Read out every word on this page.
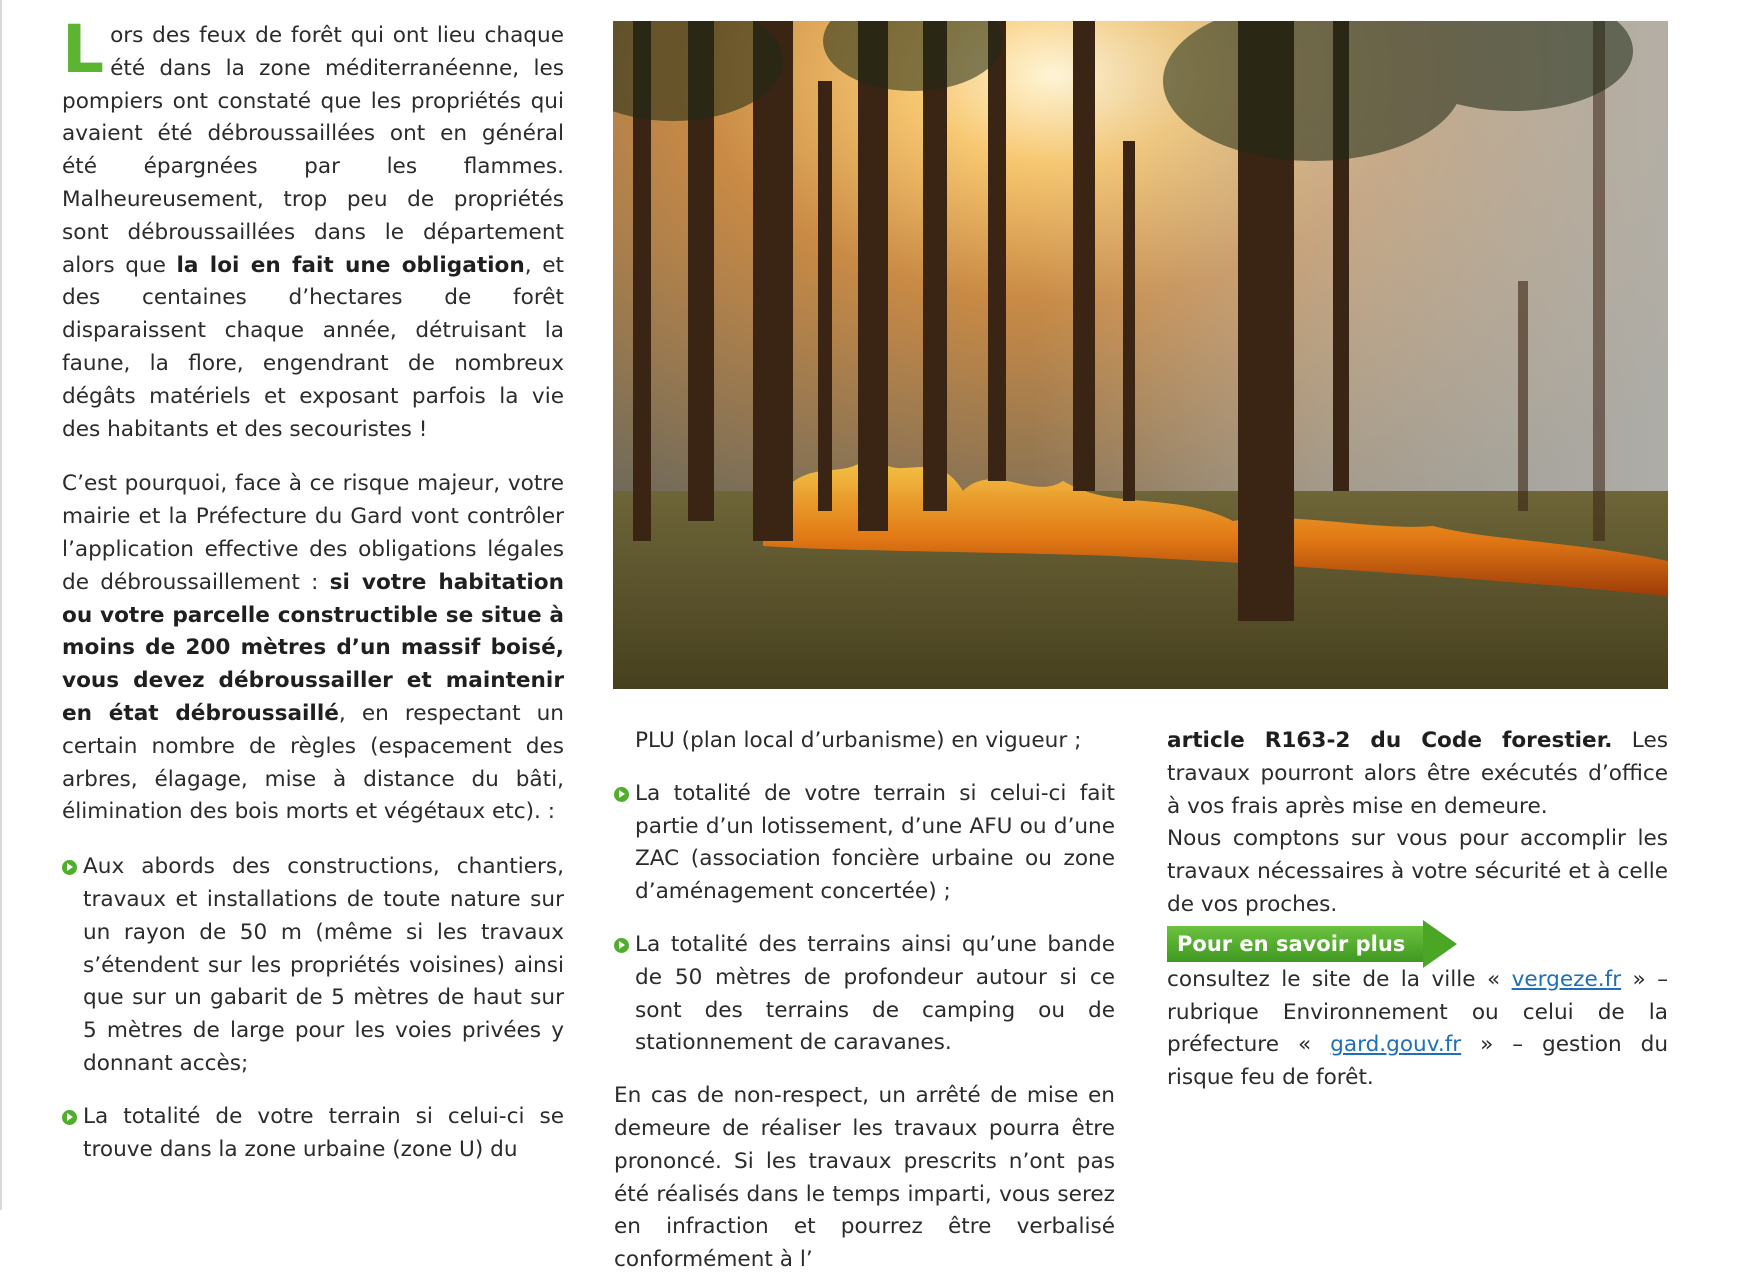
Lors des feux de forêt qui ont lieu chaque été dans la zone méditerranéenne, les pompiers ont constaté que les propriétés qui avaient été débroussaillées ont en général été épargnées par les flammes. Malheureusement, trop peu de propriétés sont débroussaillées dans le département alors que la loi en fait une obligation, et des centaines d’hectares de forêt disparaissent chaque année, détruisant la faune, la flore, engendrant de nombreux dégâts matériels et exposant parfois la vie des habitants et des secouristes !

C’est pourquoi, face à ce risque majeur, votre mairie et la Préfecture du Gard vont contrôler l’application effective des obligations légales de débroussaillement : si votre habitation ou votre parcelle constructible se situe à moins de 200 mètres d’un massif boisé, vous devez débroussailler et maintenir en état débroussaillé, en respectant un certain nombre de règles (espacement des arbres, élagage, mise à distance du bâti, élimination des bois morts et végétaux etc). :

Aux abords des constructions, chantiers, travaux et installations de toute nature sur un rayon de 50 m (même si les travaux s’étendent sur les propriétés voisines) ainsi que sur un gabarit de 5 mètres de haut sur 5 mètres de large pour les voies privées y donnant accès;

La totalité de votre terrain si celui-ci se trouve dans la zone urbaine (zone U) du

PLU (plan local d’urbanisme) en vigueur ;

La totalité de votre terrain si celui-ci fait partie d’un lotissement, d’une AFU ou d’une ZAC (association foncière urbaine ou zone d’aménagement concertée) ;

La totalité des terrains ainsi qu’une bande de 50 mètres de profondeur autour si ce sont des terrains de camping ou de stationnement de caravanes.

En cas de non-respect, un arrêté de mise en demeure de réaliser les travaux pourra être prononcé. Si les travaux prescrits n’ont pas été réalisés dans le temps imparti, vous serez en infraction et pourrez être verbalisé conformément à l’

article R163-2 du Code forestier. Les travaux pourront alors être exécutés d’office à vos frais après mise en demeure.

Nous comptons sur vous pour accomplir les travaux nécessaires à votre sécurité et à celle de vos proches.

Pour en savoir plus

consultez le site de la ville « vergeze.fr » – rubrique Environnement ou celui de la préfecture « gard.gouv.fr » – gestion du risque feu de forêt.
